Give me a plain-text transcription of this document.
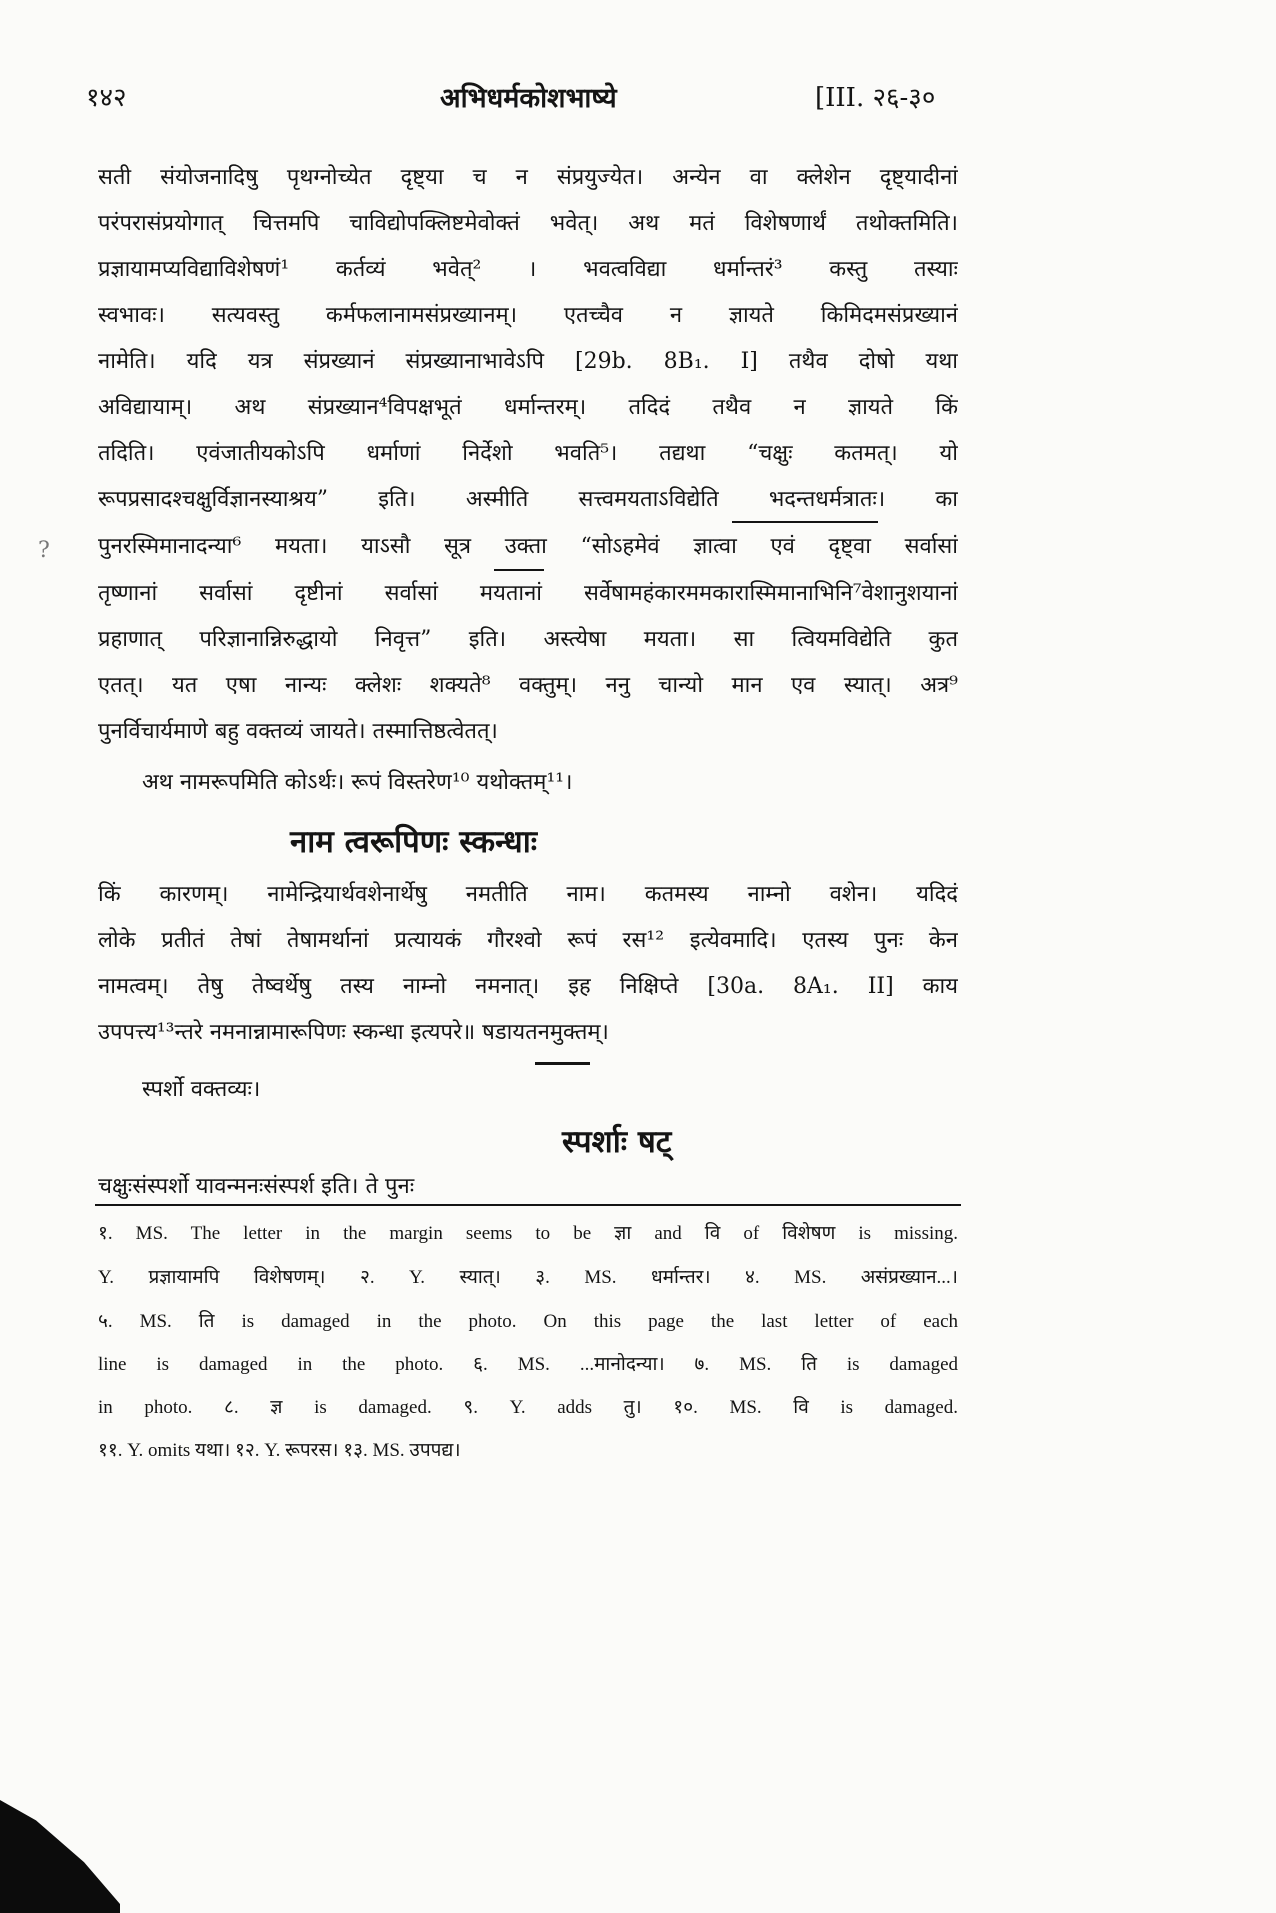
१४२	अभिधर्मकोशभाष्ये	[III. २६-३०
?
सती संयोजनादिषु पृथग्नोच्येत दृष्ट्या च न संप्रयुज्येत। अन्येन वा क्लेशेन दृष्ट्यादीनां
परंपरासंप्रयोगात् चित्तमपि चाविद्योपक्लिष्टमेवोक्तं भवेत्। अथ मतं विशेषणार्थं तथोक्तमिति।
प्रज्ञायामप्यविद्याविशेषणं¹ कर्तव्यं भवेत्² । भवत्वविद्या धर्मान्तरं³ कस्तु तस्याः
स्वभावः। सत्यवस्तु कर्मफलानामसंप्रख्यानम्। एतच्चैव न ज्ञायते किमिदमसंप्रख्यानं
नामेति। यदि यत्र संप्रख्यानं संप्रख्यानाभावेऽपि [29b. 8B₁. I] तथैव दोषो यथा
अविद्यायाम्। अथ संप्रख्यान⁴विपक्षभूतं धर्मान्तरम्। तदिदं तथैव न ज्ञायते किं
तदिति। एवंजातीयकोऽपि धर्माणां निर्देशो भवति⁵। तद्यथा “चक्षुः कतमत्। यो
रूपप्रसादश्चक्षुर्विज्ञानस्याश्रय” इति। अस्मीति सत्त्वमयताऽविद्येति भदन्तधर्मत्रातः। का
पुनरस्मिमानादन्या⁶ मयता। याऽसौ सूत्र उक्ता “सोऽहमेवं ज्ञात्वा एवं दृष्ट्वा सर्वासां
तृष्णानां सर्वासां दृष्टीनां सर्वासां मयतानां सर्वेषामहंकारममकारास्मिमानाभिनि⁷वेशानुशयानां
प्रहाणात् परिज्ञानान्निरुद्धायो निवृत्त” इति। अस्त्येषा मयता। सा त्वियमविद्येति कुत
एतत्। यत एषा नान्यः क्लेशः शक्यते⁸ वक्तुम्। ननु चान्यो मान एव स्यात्। अत्र⁹
पुनर्विचार्यमाणे बहु वक्तव्यं जायते। तस्मात्तिष्ठत्वेतत्।
अथ नामरूपमिति कोऽर्थः। रूपं विस्तरेण¹⁰ यथोक्तम्¹¹।
नाम त्वरूपिणः स्कन्धाः
किं कारणम्। नामेन्द्रियार्थवशेनार्थेषु नमतीति नाम। कतमस्य नाम्नो वशेन। यदिदं
लोके प्रतीतं तेषां तेषामर्थानां प्रत्यायकं गौरश्वो रूपं रस¹² इत्येवमादि। एतस्य पुनः केन
नामत्वम्। तेषु तेष्वर्थेषु तस्य नाम्नो नमनात्। इह निक्षिप्ते [30a. 8A₁. II] काय
उपपत्त्य¹³न्तरे नमनान्नामारूपिणः स्कन्धा इत्यपरे॥ षडायतनमुक्तम्।
स्पर्शो वक्तव्यः।
स्पर्शाः षट्
चक्षुःसंस्पर्शो यावन्मनःसंस्पर्श इति। ते पुनः
१. MS. The letter in the margin seems to be ज्ञा and वि of विशेषण is missing.
Y. प्रज्ञायामपि विशेषणम्। २. Y. स्यात्। ३. MS. धर्मान्तर। ४. MS. असंप्रख्यान...।
५. MS. ति is damaged in the photo. On this page the last letter of each
line is damaged in the photo. ६. MS. ...मानोदन्या। ७. MS. ति is damaged
in photo. ८. ज्ञ is damaged. ९. Y. adds तु। १०. MS. वि is damaged.
११. Y. omits यथा। १२. Y. रूपरस। १३. MS. उपपद्य।
